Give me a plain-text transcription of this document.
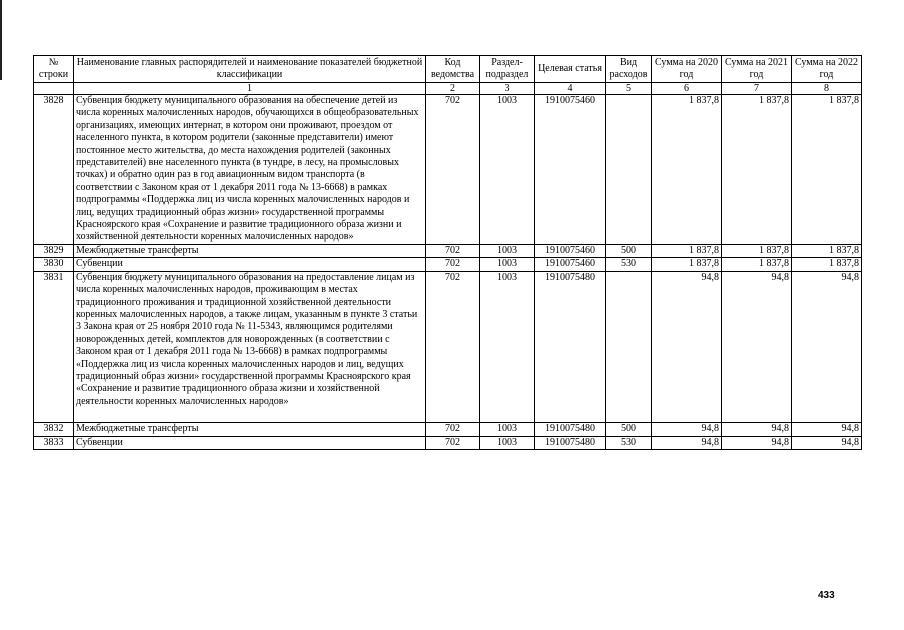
№ строки	Наименование главных распорядителей и наименование показателей бюджетной классификации	Код ведомства	Раздел-подраздел	Целевая статья	Вид расходов	Сумма на 2020 год	Сумма на 2021 год	Сумма на 2022 год
	1	2	3	4	5	6	7	8
3828	Субвенция бюджету муниципального образования на обеспечение детей из числа коренных малочисленных народов, обучающихся в общеобразовательных организациях, имеющих интернат, в котором они проживают, проездом от населенного пункта, в котором родители (законные представители) имеют постоянное место жительства, до места нахождения родителей (законных представителей) вне населенного пункта (в тундре, в лесу, на промысловых точках) и обратно один раз в год авиационным видом транспорта (в соответствии с Законом края от 1 декабря 2011 года № 13-6668) в рамках подпрограммы «Поддержка лиц из числа коренных малочисленных народов и лиц, ведущих традиционный образ жизни» государственной программы Красноярского края «Сохранение и развитие традиционного образа жизни и хозяйственной деятельности коренных малочисленных народов»	702	1003	1910075460		1 837,8	1 837,8	1 837,8
3829	Межбюджетные трансферты	702	1003	1910075460	500	1 837,8	1 837,8	1 837,8
3830	Субвенции	702	1003	1910075460	530	1 837,8	1 837,8	1 837,8
3831	Субвенция бюджету муниципального образования на предоставление лицам из числа коренных малочисленных народов, проживающим в местах традиционного проживания и традиционной хозяйственной деятельности коренных малочисленных народов, а также лицам, указанным в пункте 3 статьи 3 Закона края от 25 ноября 2010 года № 11-5343, являющимся родителями новорожденных детей, комплектов для новорожденных (в соответствии с Законом края от 1 декабря 2011 года № 13-6668) в рамках подпрограммы «Поддержка лиц из числа коренных малочисленных народов и лиц, ведущих традиционный образ жизни» государственной программы Красноярского края «Сохранение и развитие традиционного образа жизни и хозяйственной деятельности коренных малочисленных народов»	702	1003	1910075480		94,8	94,8	94,8
3832	Межбюджетные трансферты	702	1003	1910075480	500	94,8	94,8	94,8
3833	Субвенции	702	1003	1910075480	530	94,8	94,8	94,8
433
